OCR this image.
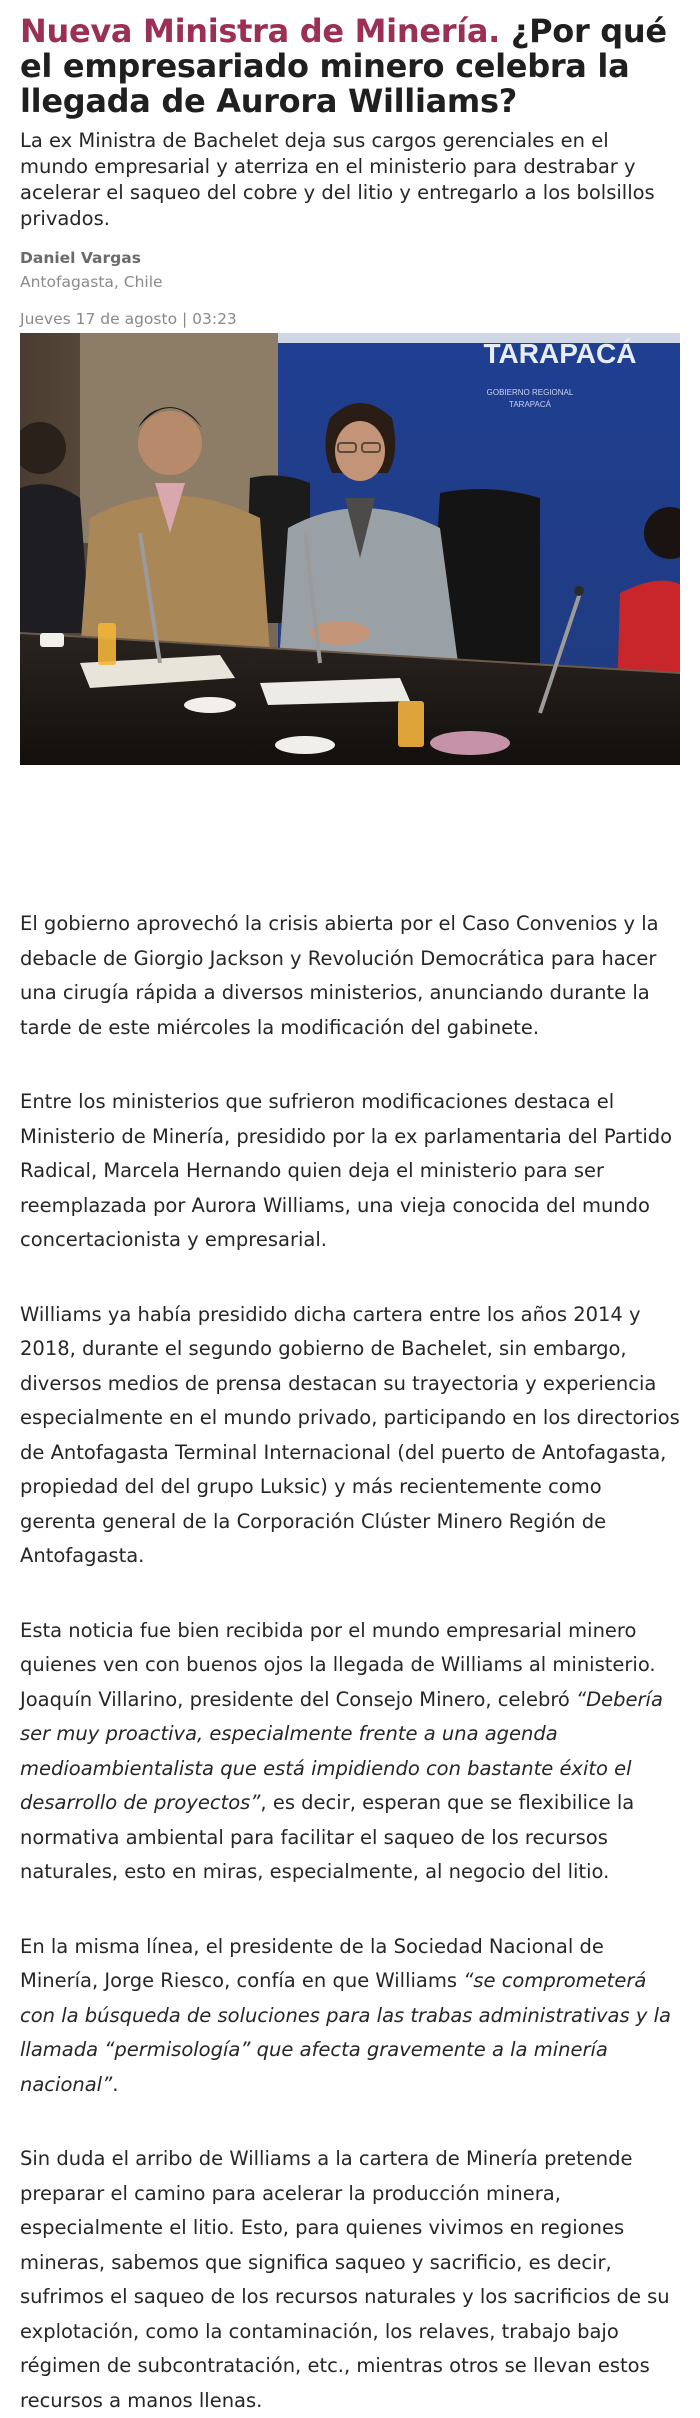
Nueva Ministra de Minería. ¿Por qué el empresariado minero celebra la llegada de Aurora Williams?

La ex Ministra de Bachelet deja sus cargos gerenciales en el mundo empresarial y aterriza en el ministerio para destrabar y acelerar el saqueo del cobre y del litio y entregarlo a los bolsillos privados.

Daniel Vargas
Antofagasta, Chile
Jueves 17 de agosto | 03:23
TARAPACÁ
GOBIERNO REGIONAL
TARAPACÁ

El gobierno aprovechó la crisis abierta por el Caso Convenios y la debacle de Giorgio Jackson y Revolución Democrática para hacer una cirugía rápida a diversos ministerios, anunciando durante la tarde de este miércoles la modificación del gabinete.

Entre los ministerios que sufrieron modificaciones destaca el Ministerio de Minería, presidido por la ex parlamentaria del Partido Radical, Marcela Hernando quien deja el ministerio para ser reemplazada por Aurora Williams, una vieja conocida del mundo concertacionista y empresarial.

Williams ya había presidido dicha cartera entre los años 2014 y 2018, durante el segundo gobierno de Bachelet, sin embargo, diversos medios de prensa destacan su trayectoria y experiencia especialmente en el mundo privado, participando en los directorios de Antofagasta Terminal Internacional (del puerto de Antofagasta, propiedad del del grupo Luksic) y más recientemente como gerenta general de la Corporación Clúster Minero Región de Antofagasta.

Esta noticia fue bien recibida por el mundo empresarial minero quienes ven con buenos ojos la llegada de Williams al ministerio. Joaquín Villarino, presidente del Consejo Minero, celebró “Debería ser muy proactiva, especialmente frente a una agenda medioambientalista que está impidiendo con bastante éxito el desarrollo de proyectos”, es decir, esperan que se flexibilice la normativa ambiental para facilitar el saqueo de los recursos naturales, esto en miras, especialmente, al negocio del litio.

En la misma línea, el presidente de la Sociedad Nacional de Minería, Jorge Riesco, confía en que Williams “se comprometerá con la búsqueda de soluciones para las trabas administrativas y la llamada “permisología” que afecta gravemente a la minería nacional”.

Sin duda el arribo de Williams a la cartera de Minería pretende preparar el camino para acelerar la producción minera, especialmente el litio. Esto, para quienes vivimos en regiones mineras, sabemos que significa saqueo y sacrificio, es decir, sufrimos el saqueo de los recursos naturales y los sacrificios de su explotación, como la contaminación, los relaves, trabajo bajo régimen de subcontratación, etc., mientras otros se llevan estos recursos a manos llenas.
